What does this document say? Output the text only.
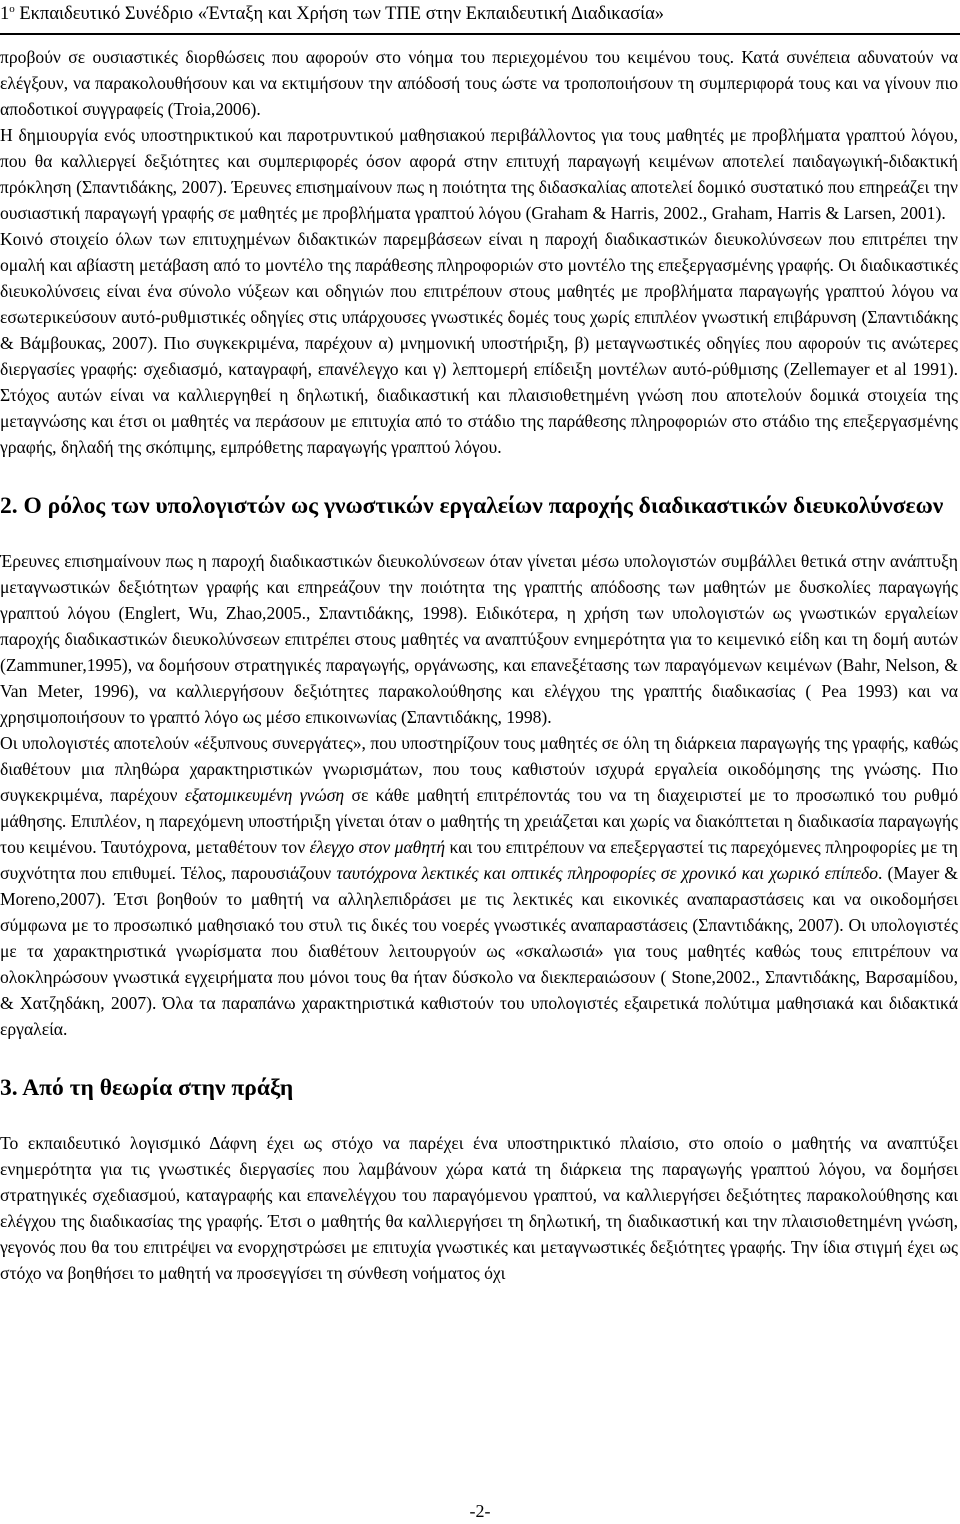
$1^o$ Εκπαιδευτικό Συνέδριο «Ένταξη και Χρήση των ΤΠΕ στην Εκπαιδευτική Διαδικασία»

προβούν σε ουσιαστικές διορθώσεις που αφορούν στο νόημα του περιεχομένου του κειμένου τους. Κατά συνέπεια αδυνατούν να ελέγξουν, να παρακολουθήσουν και να εκτιμήσουν την απόδοσή τους ώστε να τροποποιήσουν τη συμπεριφορά τους και να γίνουν πιο αποδοτικοί συγγραφείς (Troia,2006).

Η δημιουργία ενός υποστηρικτικού και παροτρυντικού μαθησιακού περιβάλλοντος για τους μαθητές με προβλήματα γραπτού λόγου, που θα καλλιεργεί δεξιότητες και συμπεριφορές όσον αφορά στην επιτυχή παραγωγή κειμένων αποτελεί παιδαγωγική-διδακτική πρόκληση (Σπαντιδάκης, 2007). Έρευνες επισημαίνουν πως η ποιότητα της διδασκαλίας αποτελεί δομικό συστατικό που επηρεάζει την ουσιαστική παραγωγή γραφής σε μαθητές με προβλήματα γραπτού λόγου (Graham & Harris, 2002., Graham, Harris & Larsen, 2001).

Κοινό στοιχείο όλων των επιτυχημένων διδακτικών παρεμβάσεων είναι η παροχή διαδικαστικών διευκολύνσεων που επιτρέπει την ομαλή και αβίαστη μετάβαση από το μοντέλο της παράθεσης πληροφοριών στο μοντέλο της επεξεργασμένης γραφής. Οι διαδικαστικές διευκολύνσεις είναι ένα σύνολο νύξεων και οδηγιών που επιτρέπουν στους μαθητές με προβλήματα παραγωγής γραπτού λόγου να εσωτερικεύσουν αυτό-ρυθμιστικές οδηγίες στις υπάρχουσες γνωστικές δομές τους χωρίς επιπλέον γνωστική επιβάρυνση (Σπαντιδάκης & Βάμβουκας, 2007). Πιο συγκεκριμένα, παρέχουν α) μνημονική υποστήριξη, β) μεταγνωστικές οδηγίες που αφορούν τις ανώτερες διεργασίες γραφής: σχεδιασμό, καταγραφή, επανέλεγχο και γ) λεπτομερή επίδειξη μοντέλων αυτό-ρύθμισης (Zellemayer et al 1991). Στόχος αυτών είναι να καλλιεργηθεί η δηλωτική, διαδικαστική και πλαισιοθετημένη γνώση που αποτελούν δομικά στοιχεία της μεταγνώσης και έτσι οι μαθητές να περάσουν με επιτυχία από το στάδιο της παράθεσης πληροφοριών στο στάδιο της επεξεργασμένης γραφής, δηλαδή της σκόπιμης, εμπρόθετης παραγωγής γραπτού λόγου.

2. Ο ρόλος των υπολογιστών ως γνωστικών εργαλείων παροχής διαδικαστικών διευκολύνσεων

Έρευνες επισημαίνουν πως η παροχή διαδικαστικών διευκολύνσεων όταν γίνεται μέσω υπολογιστών συμβάλλει θετικά στην ανάπτυξη μεταγνωστικών δεξιότητων γραφής και επηρεάζουν την ποιότητα της γραπτής απόδοσης των μαθητών με δυσκολίες παραγωγής γραπτού λόγου (Englert, Wu, Zhao,2005., Σπαντιδάκης, 1998). Ειδικότερα, η χρήση των υπολογιστών ως γνωστικών εργαλείων παροχής διαδικαστικών διευκολύνσεων επιτρέπει στους μαθητές να αναπτύξουν ενημερότητα για το κειμενικό είδη και τη δομή αυτών (Zammuner,1995), να δομήσουν στρατηγικές παραγωγής, οργάνωσης, και επανεξέτασης των παραγόμενων κειμένων (Bahr, Nelson, & Van Meter, 1996), να καλλιεργήσουν δεξιότητες παρακολούθησης και ελέγχου της γραπτής διαδικασίας ( Pea 1993) και να χρησιμοποιήσουν το γραπτό λόγο ως μέσο επικοινωνίας (Σπαντιδάκης, 1998).

Οι υπολογιστές αποτελούν «έξυπνους συνεργάτες», που υποστηρίζουν τους μαθητές σε όλη τη διάρκεια παραγωγής της γραφής, καθώς διαθέτουν μια πληθώρα χαρακτηριστικών γνωρισμάτων, που τους καθιστούν ισχυρά εργαλεία οικοδόμησης της γνώσης. Πιο συγκεκριμένα, παρέχουν εξατομικευμένη γνώση σε κάθε μαθητή επιτρέποντάς του να τη διαχειριστεί με το προσωπικό του ρυθμό μάθησης. Επιπλέον, η παρεχόμενη υποστήριξη γίνεται όταν ο μαθητής τη χρειάζεται και χωρίς να διακόπτεται η διαδικασία παραγωγής του κειμένου. Ταυτόχρονα, μεταθέτουν τον έλεγχο στον μαθητή και του επιτρέπουν να επεξεργαστεί τις παρεχόμενες πληροφορίες με τη συχνότητα που επιθυμεί. Τέλος, παρουσιάζουν ταυτόχρονα λεκτικές και οπτικές πληροφορίες σε χρονικό και χωρικό επίπεδο. (Mayer & Moreno,2007). Έτσι βοηθούν το μαθητή να αλληλεπιδράσει με τις λεκτικές και εικονικές αναπαραστάσεις και να οικοδομήσει σύμφωνα με το προσωπικό μαθησιακό του στυλ τις δικές του νοερές γνωστικές αναπαραστάσεις (Σπαντιδάκης, 2007). Οι υπολογιστές με τα χαρακτηριστικά γνωρίσματα που διαθέτουν λειτουργούν ως «σκαλωσιά» για τους μαθητές καθώς τους επιτρέπουν να ολοκληρώσουν γνωστικά εγχειρήματα που μόνοι τους θα ήταν δύσκολο να διεκπεραιώσουν ( Stone,2002., Σπαντιδάκης, Βαρσαμίδου, & Χατζηδάκη, 2007). Όλα τα παραπάνω χαρακτηριστικά καθιστούν του υπολογιστές εξαιρετικά πολύτιμα μαθησιακά και διδακτικά εργαλεία.

3. Από τη θεωρία στην πράξη

Το εκπαιδευτικό λογισμικό Δάφνη έχει ως στόχο να παρέχει ένα υποστηρικτικό πλαίσιο, στο οποίο ο μαθητής να αναπτύξει ενημερότητα για τις γνωστικές διεργασίες που λαμβάνουν χώρα κατά τη διάρκεια της παραγωγής γραπτού λόγου, να δομήσει στρατηγικές σχεδιασμού, καταγραφής και επανελέγχου του παραγόμενου γραπτού, να καλλιεργήσει δεξιότητες παρακολούθησης και ελέγχου της διαδικασίας της γραφής. Έτσι ο μαθητής θα καλλιεργήσει τη δηλωτική, τη διαδικαστική και την πλαισιοθετημένη γνώση, γεγονός που θα του επιτρέψει να ενορχηστρώσει με επιτυχία γνωστικές και μεταγνωστικές δεξιότητες γραφής. Την ίδια στιγμή έχει ως στόχο να βοηθήσει το μαθητή να προσεγγίσει τη σύνθεση νοήματος όχι

-2-
